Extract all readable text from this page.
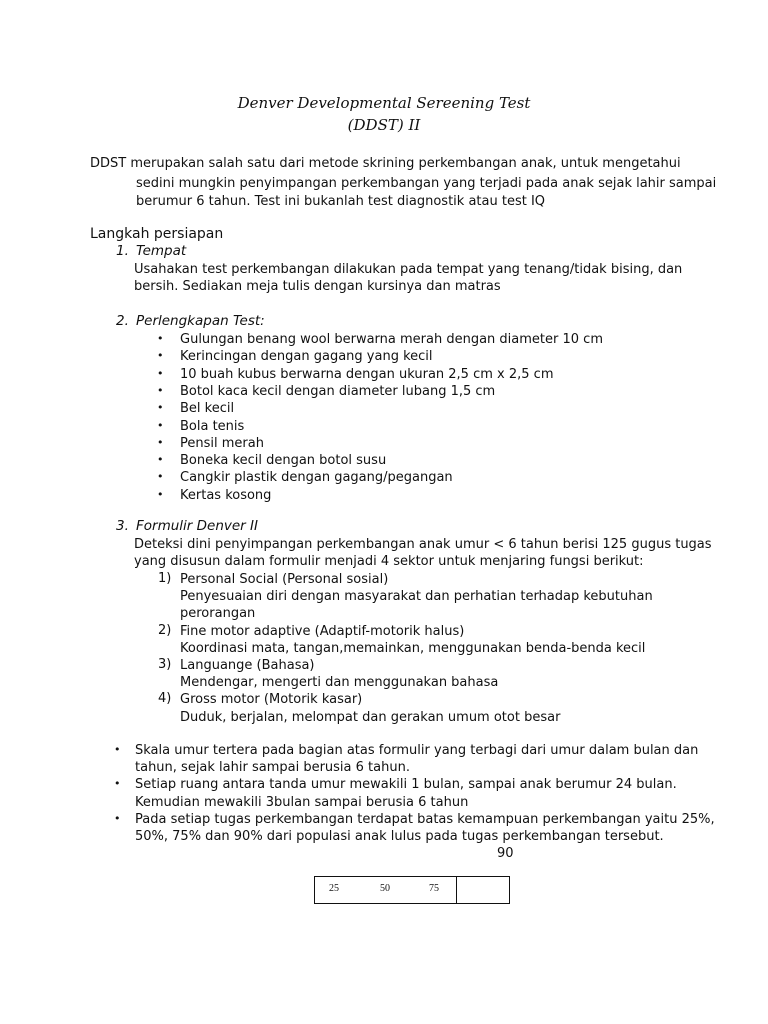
Denver Developmental Sereening Test
(DDST) II
DDST merupakan salah satu dari metode skrining perkembangan anak, untuk mengetahui
sedini mungkin penyimpangan perkembangan yang terjadi pada anak sejak lahir sampai
berumur 6 tahun. Test ini bukanlah test diagnostik atau test IQ
Langkah persiapan
1. Tempat
Usahakan test perkembangan dilakukan pada tempat yang tenang/tidak bising, dan
bersih. Sediakan meja tulis dengan kursinya dan matras
2. Perlengkapan Test:
• Gulungan benang wool berwarna merah dengan diameter 10 cm
• Kerincingan dengan gagang yang kecil
• 10 buah kubus berwarna dengan ukuran 2,5 cm x 2,5 cm
• Botol kaca kecil dengan diameter lubang 1,5 cm
• Bel kecil
• Bola tenis
• Pensil merah
• Boneka kecil dengan botol susu
• Cangkir plastik dengan gagang/pegangan
• Kertas kosong
3. Formulir Denver II
Deteksi dini penyimpangan perkembangan anak umur < 6 tahun berisi 125 gugus tugas
yang disusun dalam formulir menjadi 4 sektor untuk menjaring fungsi berikut:
1) Personal Social (Personal sosial)
Penyesuaian diri dengan masyarakat dan perhatian terhadap kebutuhan
perorangan
2) Fine motor adaptive (Adaptif-motorik halus)
Koordinasi mata, tangan,memainkan, menggunakan benda-benda kecil
3) Languange (Bahasa)
Mendengar, mengerti dan menggunakan bahasa
4) Gross motor (Motorik kasar)
Duduk, berjalan, melompat dan gerakan umum otot besar
• Skala umur tertera pada bagian atas formulir yang terbagi dari umur dalam bulan dan
tahun, sejak lahir sampai berusia 6 tahun.
• Setiap ruang antara tanda umur mewakili 1 bulan, sampai anak berumur 24 bulan.
Kemudian mewakili 3bulan sampai berusia 6 tahun
• Pada setiap tugas perkembangan terdapat batas kemampuan perkembangan yaitu 25%,
50%, 75% dan 90% dari populasi anak lulus pada tugas perkembangan tersebut.
90
25	50	75
